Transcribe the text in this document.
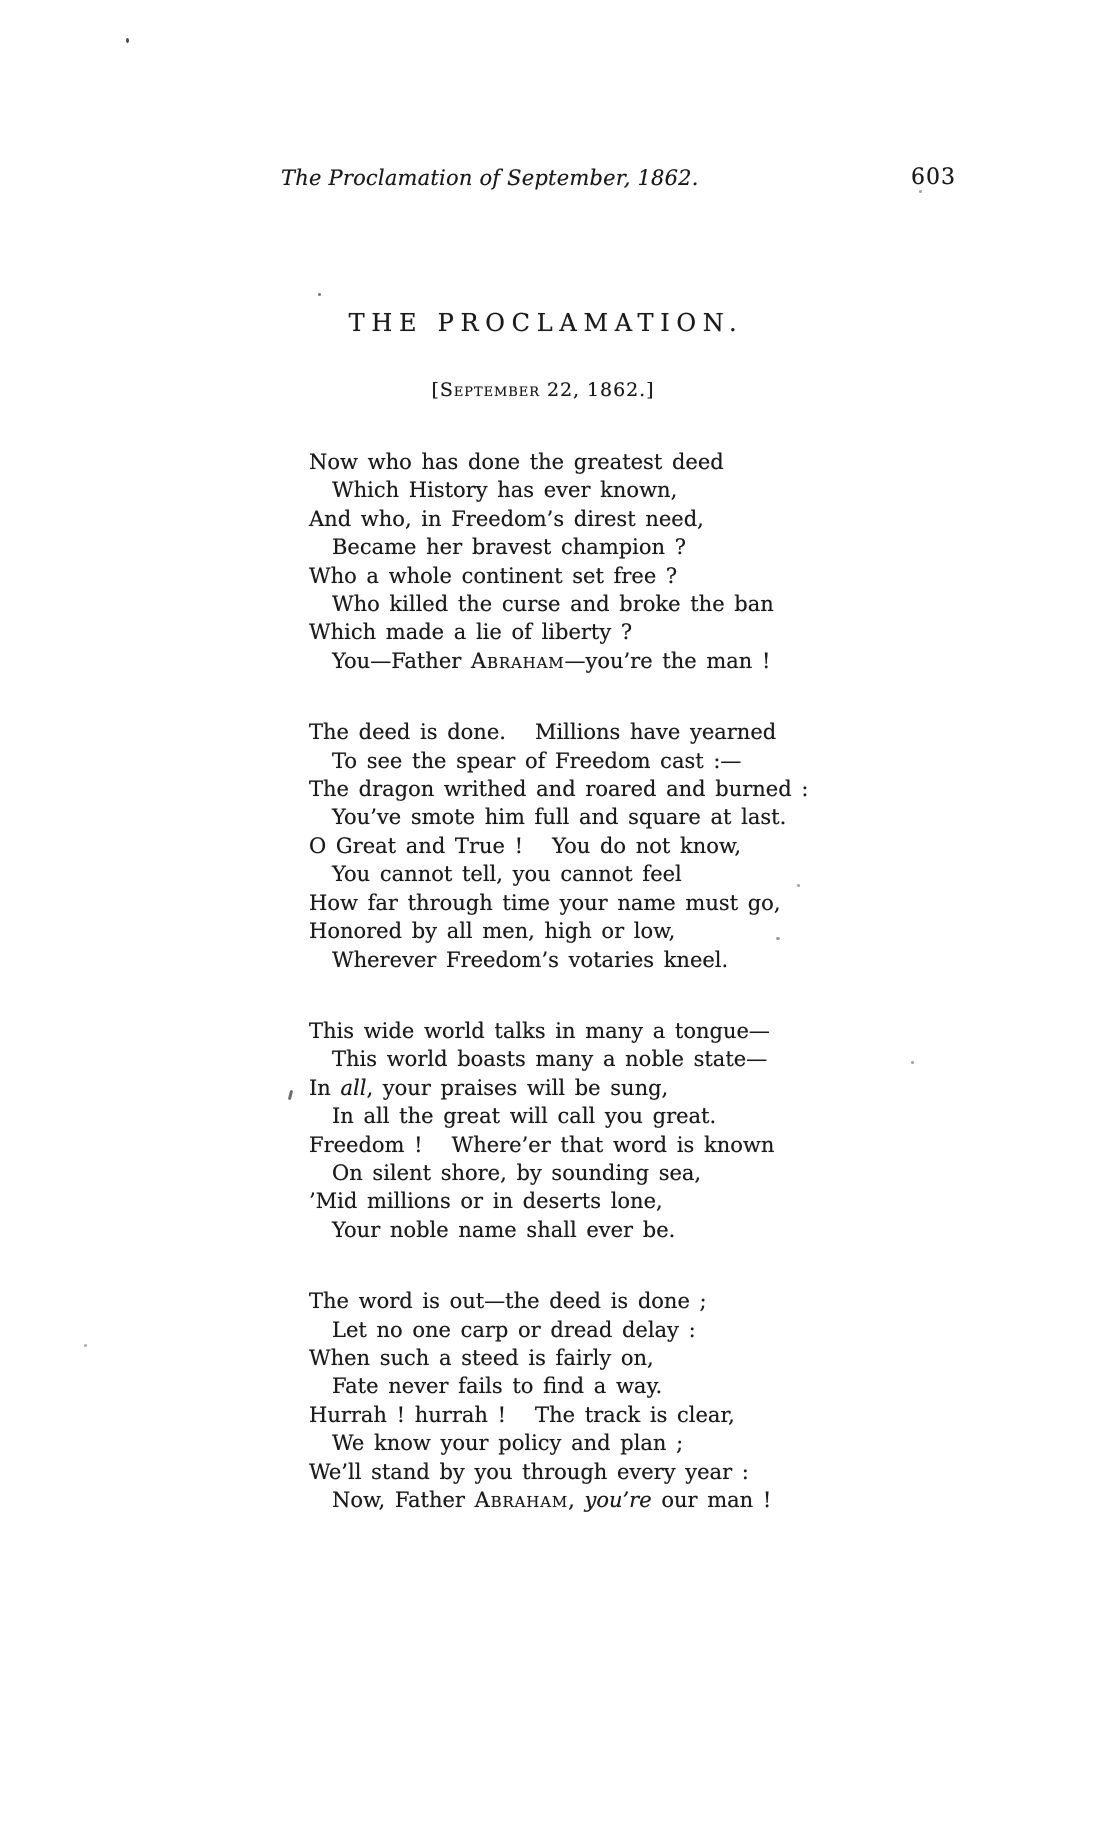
The Proclamation of September, 1862.	603
THE PROCLAMATION.
[September 22, 1862.]
Now who has done the greatest deed
Which History has ever known,
And who, in Freedom’s direst need,
Became her bravest champion ?
Who a whole continent set free ?
Who killed the curse and broke the ban
Which made a lie of liberty ?
You—Father Abraham—you’re the man !
The deed is done.   Millions have yearned
To see the spear of Freedom cast :—
The dragon writhed and roared and burned :
You’ve smote him full and square at last.
O Great and True !   You do not know,
You cannot tell, you cannot feel
How far through time your name must go,
Honored by all men, high or low,
Wherever Freedom’s votaries kneel.
This wide world talks in many a tongue—
This world boasts many a noble state—
In all, your praises will be sung,
In all the great will call you great.
Freedom !   Where’er that word is known
On silent shore, by sounding sea,
’Mid millions or in deserts lone,
Your noble name shall ever be.
The word is out—the deed is done ;
Let no one carp or dread delay :
When such a steed is fairly on,
Fate never fails to find a way.
Hurrah ! hurrah !   The track is clear,
We know your policy and plan ;
We’ll stand by you through every year :
Now, Father Abraham, you’re our man !
